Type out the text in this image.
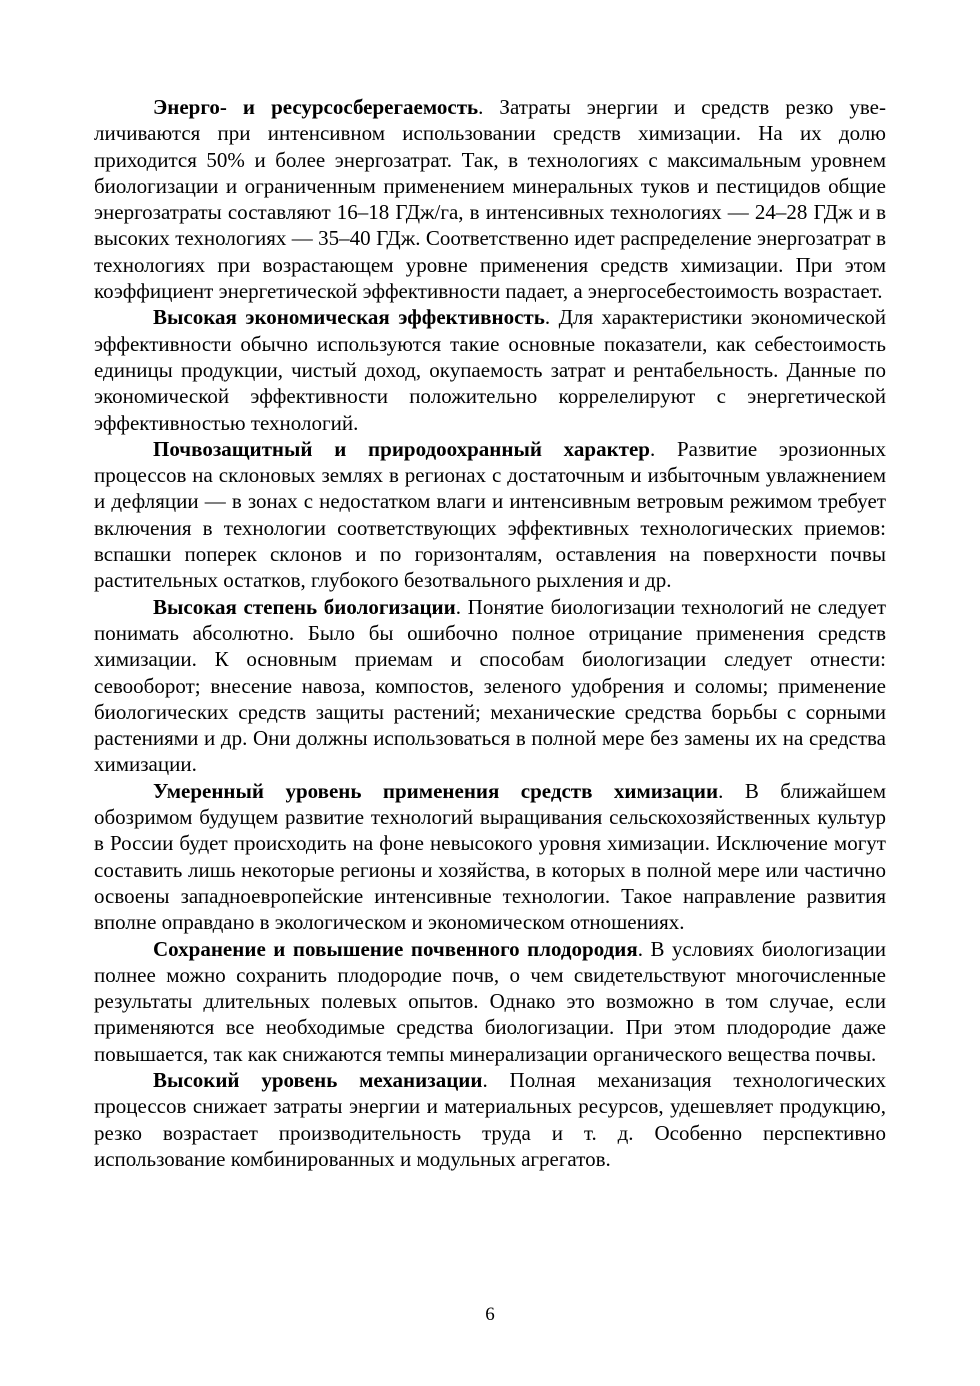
Энерго- и ресурсосберегаемость. Затраты энергии и средств резко увеличиваются при интенсивном использовании средств химизации. На их долю приходится 50% и более энергозатрат. Так, в технологиях с максимальным уровнем биологизации и ограниченным применением минеральных туков и пестицидов общие энергозатраты составляют 16–18 ГДж/га, в интенсивных технологиях — 24–28 ГДж и в высоких технологиях — 35–40 ГДж. Соответственно идет распределение энергозатрат в технологиях при возрастающем уровне применения средств химизации. При этом коэффициент энергетической эффективности падает, а энергосебестоимость возрастает.

Высокая экономическая эффективность. Для характеристики экономической эффективности обычно используются такие основные показатели, как себестоимость единицы продукции, чистый доход, окупаемость затрат и рентабельность. Данные по экономической эффективности положительно коррелелируют с энергетической эффективностью технологий.

Почвозащитный и природоохранный характер. Развитие эрозионных процессов на склоновых землях в регионах с достаточным и избыточным увлажнением и дефляции — в зонах с недостатком влаги и интенсивным ветровым режимом требует включения в технологии соответствующих эффективных технологических приемов: вспашки поперек склонов и по горизонталям, оставления на поверхности почвы растительных остатков, глубокого безотвального рыхления и др.

Высокая степень биологизации. Понятие биологизации технологий не следует понимать абсолютно. Было бы ошибочно полное отрицание применения средств химизации. К основным приемам и способам биологизации следует отнести: севооборот; внесение навоза, компостов, зеленого удобрения и соломы; применение биологических средств защиты растений; механические средства борьбы с сорными растениями и др. Они должны использоваться в полной мере без замены их на средства химизации.

Умеренный уровень применения средств химизации. В ближайшем обозримом будущем развитие технологий выращивания сельскохозяйственных культур в России будет происходить на фоне невысокого уровня химизации. Исключение могут составить лишь некоторые регионы и хозяйства, в которых в полной мере или частично освоены западноевропейские интенсивные технологии. Такое направление развития вполне оправдано в экологическом и экономическом отношениях.

Сохранение и повышение почвенного плодородия. В условиях биологизации полнее можно сохранить плодородие почв, о чем свидетельствуют многочисленные результаты длительных полевых опытов. Однако это возможно в том случае, если применяются все необходимые средства биологизации. При этом плодородие даже повышается, так как снижаются темпы минерализации органического вещества почвы.

Высокий уровень механизации. Полная механизация технологических процессов снижает затраты энергии и материальных ресурсов, удешевляет продукцию, резко возрастает производительность труда и т. д. Особенно перспективно использование комбинированных и модульных агрегатов.

6
